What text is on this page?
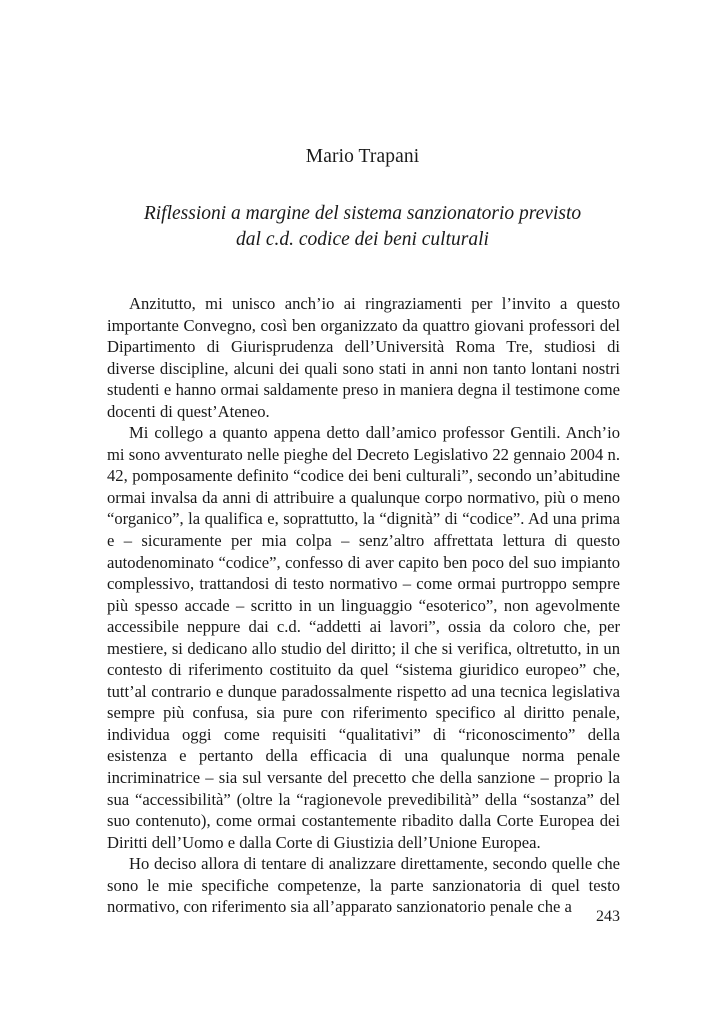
Mario Trapani
Riflessioni a margine del sistema sanzionatorio previsto
dal c.d. codice dei beni culturali

Anzitutto, mi unisco anch’io ai ringraziamenti per l’invito a questo importante Convegno, così ben organizzato da quattro giovani professori del Dipartimento di Giurisprudenza dell’Università Roma Tre, studiosi di diverse discipline, alcuni dei quali sono stati in anni non tanto lontani nostri studenti e hanno ormai saldamente preso in maniera degna il testimone come docenti di quest’Ateneo.

Mi collego a quanto appena detto dall’amico professor Gentili. Anch’io mi sono avventurato nelle pieghe del Decreto Legislativo 22 gennaio 2004 n. 42, pomposamente definito “codice dei beni culturali”, secondo un’abitudine ormai invalsa da anni di attribuire a qualunque corpo normativo, più o meno “organico”, la qualifica e, soprattutto, la “dignità” di “codice”. Ad una prima e – sicuramente per mia colpa – senz’altro affrettata lettura di questo autodenominato “codice”, confesso di aver capito ben poco del suo impianto complessivo, trattandosi di testo normativo – come ormai purtroppo sempre più spesso accade – scritto in un linguaggio “esoterico”, non agevolmente accessibile neppure dai c.d. “addetti ai lavori”, ossia da coloro che, per mestiere, si dedicano allo studio del diritto; il che si verifica, oltretutto, in un contesto di riferimento costituito da quel “sistema giuridico europeo” che, tutt’al contrario e dunque paradossalmente rispetto ad una tecnica legislativa sempre più confusa, sia pure con riferimento specifico al diritto penale, individua oggi come requisiti “qualitativi” di “riconoscimento” della esistenza e pertanto della efficacia di una qualunque norma penale incriminatrice – sia sul versante del precetto che della sanzione – proprio la sua “accessibilità” (oltre la “ragionevole prevedibilità” della “sostanza” del suo contenuto), come ormai costantemente ribadito dalla Corte Europea dei Diritti dell’Uomo e dalla Corte di Giustizia dell’Unione Europea.

Ho deciso allora di tentare di analizzare direttamente, secondo quelle che sono le mie specifiche competenze, la parte sanzionatoria di quel testo normativo, con riferimento sia all’apparato sanzionatorio penale che a

243
